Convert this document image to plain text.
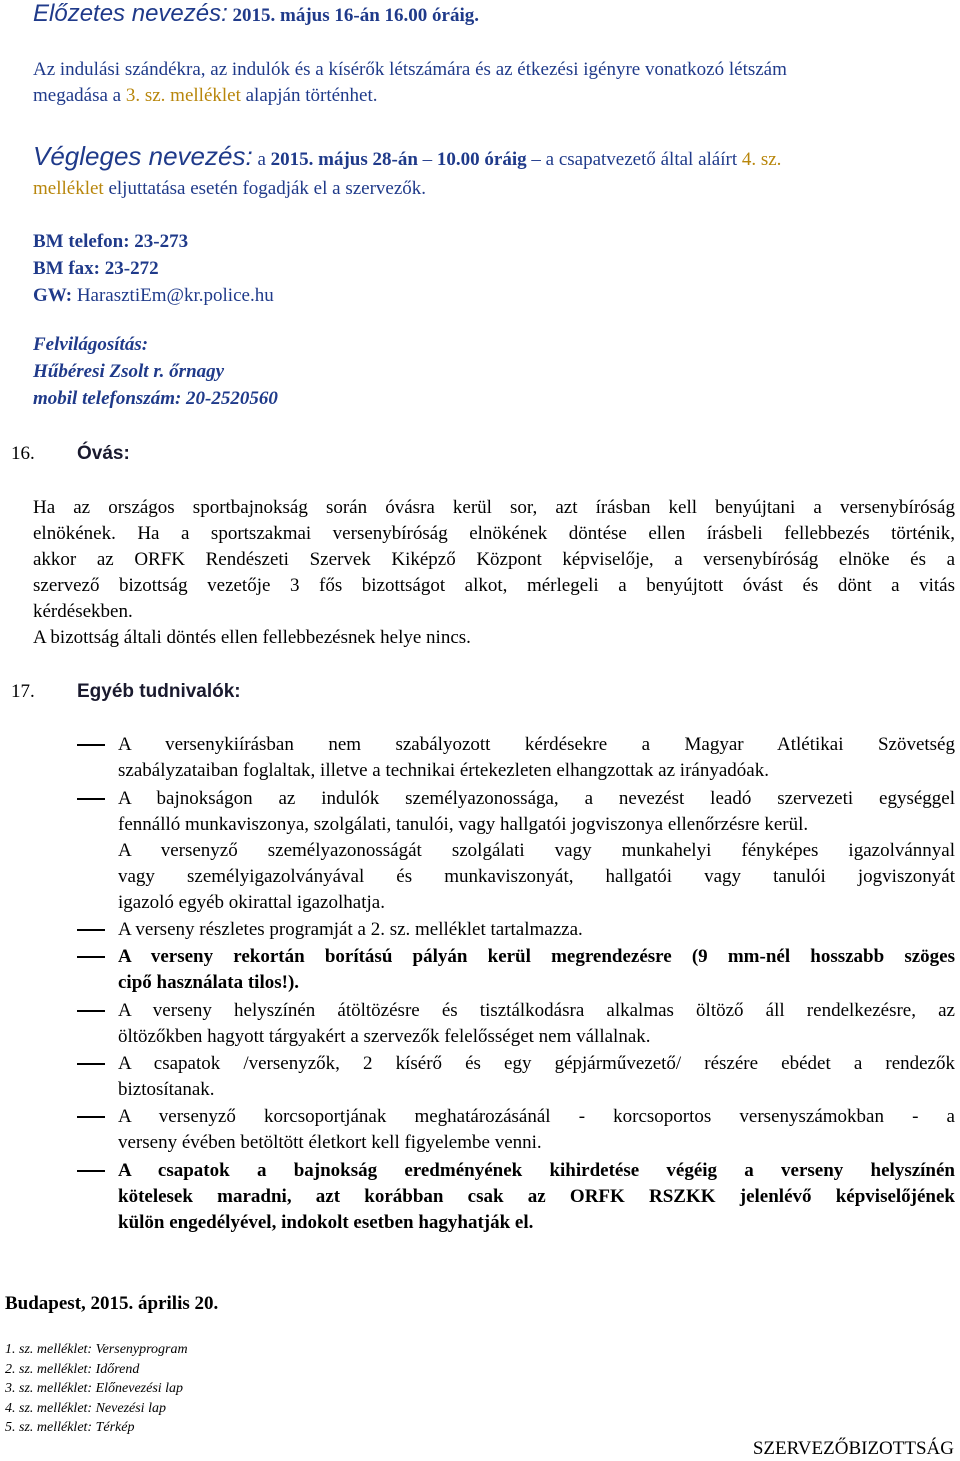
Előzetes nevezés: 2015. május 16-án 16.00 óráig.
Az indulási szándékra, az indulók és a kísérők létszámára és az étkezési igényre vonatkozó létszám
megadása a 3. sz. melléklet alapján történhet.
Végleges nevezés: a 2015. május 28-án – 10.00 óráig – a csapatvezető által aláírt 4. sz.
melléklet eljuttatása esetén fogadják el a szervezők.
BM telefon: 23-273
BM fax: 23-272
GW: HarasztiEm@kr.police.hu
Felvilágosítás:
Hűbéresi Zsolt r. őrnagy
mobil telefonszám: 20-2520560
16. Óvás:
Ha az országos sportbajnokság során óvásra kerül sor, azt írásban kell benyújtani a versenybíróság
elnökének. Ha a sportszakmai versenybíróság elnökének döntése ellen írásbeli fellebbezés történik,
akkor az ORFK Rendészeti Szervek Kiképző Központ képviselője, a versenybíróság elnöke és a
szervező bizottság vezetője 3 fős bizottságot alkot, mérlegeli a benyújtott óvást és dönt a vitás
kérdésekben.
A bizottság általi döntés ellen fellebbezésnek helye nincs.
17. Egyéb tudnivalók:
A versenykiírásban nem szabályozott kérdésekre a Magyar Atlétikai Szövetség
szabályzataiban foglaltak, illetve a technikai értekezleten elhangzottak az irányadóak.
A bajnokságon az indulók személyazonossága, a nevezést leadó szervezeti egységgel
fennálló munkaviszonya, szolgálati, tanulói, vagy hallgatói jogviszonya ellenőrzésre kerül.
A versenyző személyazonosságát szolgálati vagy munkahelyi fényképes igazolvánnyal
vagy személyigazolványával és munkaviszonyát, hallgatói vagy tanulói jogviszonyát
igazoló egyéb okirattal igazolhatja.
A verseny részletes programját a 2. sz. melléklet tartalmazza.
A verseny rekortán borítású pályán kerül megrendezésre (9 mm-nél hosszabb szöges
cipő használata tilos!).
A verseny helyszínén átöltözésre és tisztálkodásra alkalmas öltöző áll rendelkezésre, az
öltözőkben hagyott tárgyakért a szervezők felelősséget nem vállalnak.
A csapatok /versenyzők, 2 kísérő és egy gépjárművezető/ részére ebédet a rendezők
biztosítanak.
A versenyző korcsoportjának meghatározásánál - korcsoportos versenyszámokban - a
verseny évében betöltött életkort kell figyelembe venni.
A csapatok a bajnokság eredményének kihirdetése végéig a verseny helyszínén
kötelesek maradni, azt korábban csak az ORFK RSZKK jelenlévő képviselőjének
külön engedélyével, indokolt esetben hagyhatják el.
Budapest, 2015. április 20.
1. sz. melléklet: Versenyprogram
2. sz. melléklet: Időrend
3. sz. melléklet: Előnevezési lap
4. sz. melléklet: Nevezési lap
5. sz. melléklet: Térkép
SZERVEZŐBIZOTTSÁG
